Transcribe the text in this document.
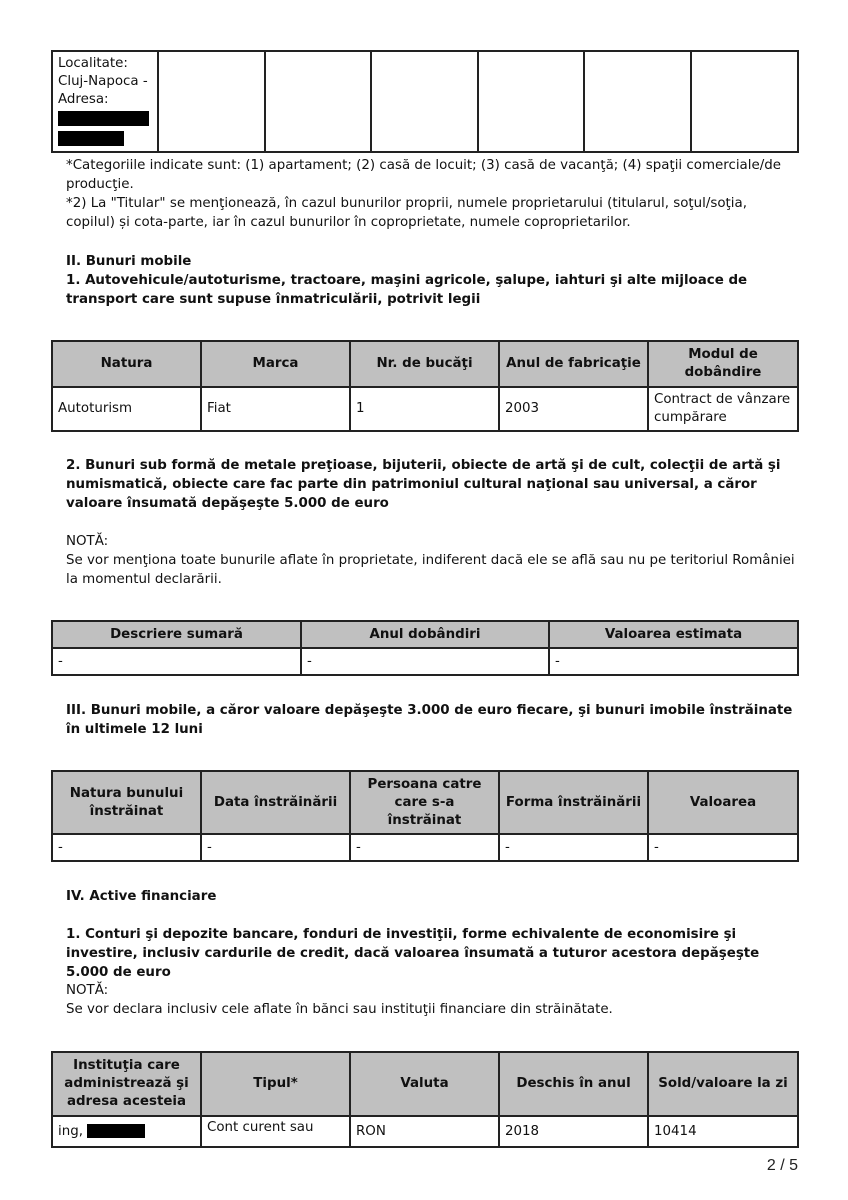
Localitate:
Cluj-Napoca -
Adresa:

*Categoriile indicate sunt: (1) apartament; (2) casă de locuit; (3) casă de vacanţă; (4) spaţii comerciale/de producţie.
*2) La "Titular" se menţionează, în cazul bunurilor proprii, numele proprietarului (titularul, soţul/soţia, copilul) și cota-parte, iar în cazul bunurilor în coproprietate, numele coproprietarilor.
II. Bunuri mobile
1. Autovehicule/autoturisme, tractoare, maşini agricole, şalupe, iahturi şi alte mijloace de transport care sunt supuse înmatriculării, potrivit legii
Natura	Marca	Nr. de bucăţi	Anul de fabricaţie	Modul de dobândire
Autoturism	Fiat	1	2003	Contract de vânzare cumpărare
2. Bunuri sub formă de metale preţioase, bijuterii, obiecte de artă şi de cult, colecţii de artă şi numismatică, obiecte care fac parte din patrimoniul cultural naţional sau universal, a căror valoare însumată depăşeşte 5.000 de euro
NOTĂ:
Se vor menţiona toate bunurile aflate în proprietate, indiferent dacă ele se află sau nu pe teritoriul României la momentul declarării.
Descriere sumară	Anul dobândiri	Valoarea estimata
-	-	-
III. Bunuri mobile, a căror valoare depăşeşte 3.000 de euro fiecare, şi bunuri imobile înstrăinate în ultimele 12 luni
Natura bunului înstrăinat	Data înstrăinării	Persoana catre care s-a înstrăinat	Forma înstrăinării	Valoarea
-	-	-	-	-
IV. Active financiare
1. Conturi şi depozite bancare, fonduri de investiţii, forme echivalente de economisire şi investire, inclusiv cardurile de credit, dacă valoarea însumată a tuturor acestora depăşeşte 5.000 de euro
NOTĂ:
Se vor declara inclusiv cele aflate în bănci sau instituţii financiare din străinătate.
Instituţia care administrează şi adresa acesteia	Tipul*	Valuta	Deschis în anul	Sold/valoare la zi
ing,	Cont curent sau	RON	2018	10414
2 / 5
